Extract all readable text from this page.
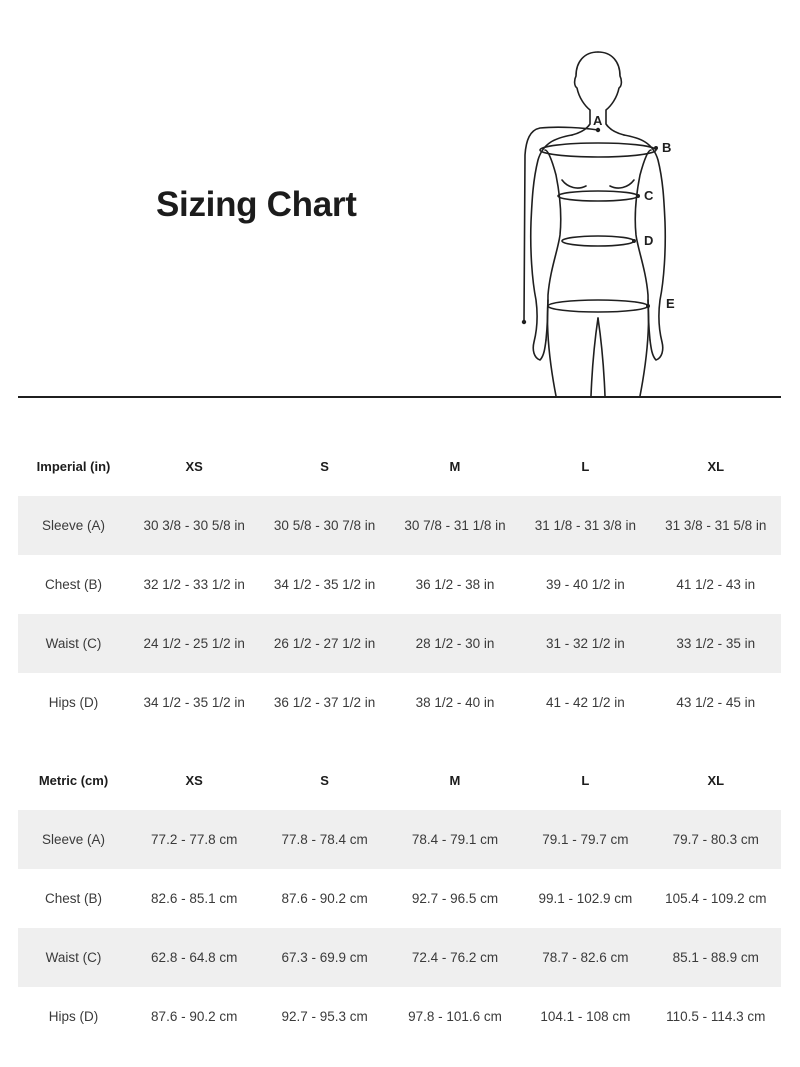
Sizing Chart
A
B
C
D
E
Imperial (in)	XS	S	M	L	XL
Sleeve (A)	30 3/8 - 30 5/8 in	30 5/8 - 30 7/8 in	30 7/8 - 31 1/8 in	31 1/8 - 31 3/8 in	31 3/8 - 31 5/8 in
Chest (B)	32 1/2 - 33 1/2 in	34 1/2 - 35 1/2 in	36 1/2 - 38 in	39 - 40 1/2 in	41 1/2 - 43 in
Waist (C)	24 1/2 - 25 1/2 in	26 1/2 - 27 1/2 in	28 1/2 - 30 in	31 - 32 1/2 in	33 1/2 - 35 in
Hips (D)	34 1/2 - 35 1/2 in	36 1/2 - 37 1/2 in	38 1/2 - 40 in	41 - 42 1/2 in	43 1/2 - 45 in
Metric (cm)	XS	S	M	L	XL
Sleeve (A)	77.2 - 77.8 cm	77.8 - 78.4 cm	78.4 - 79.1 cm	79.1 - 79.7 cm	79.7 - 80.3 cm
Chest (B)	82.6 - 85.1 cm	87.6 - 90.2 cm	92.7 - 96.5 cm	99.1 - 102.9 cm	105.4 - 109.2 cm
Waist (C)	62.8 - 64.8 cm	67.3 - 69.9 cm	72.4 - 76.2 cm	78.7 - 82.6 cm	85.1 - 88.9 cm
Hips (D)	87.6 - 90.2 cm	92.7 - 95.3 cm	97.8 - 101.6 cm	104.1 - 108 cm	110.5 - 114.3 cm
